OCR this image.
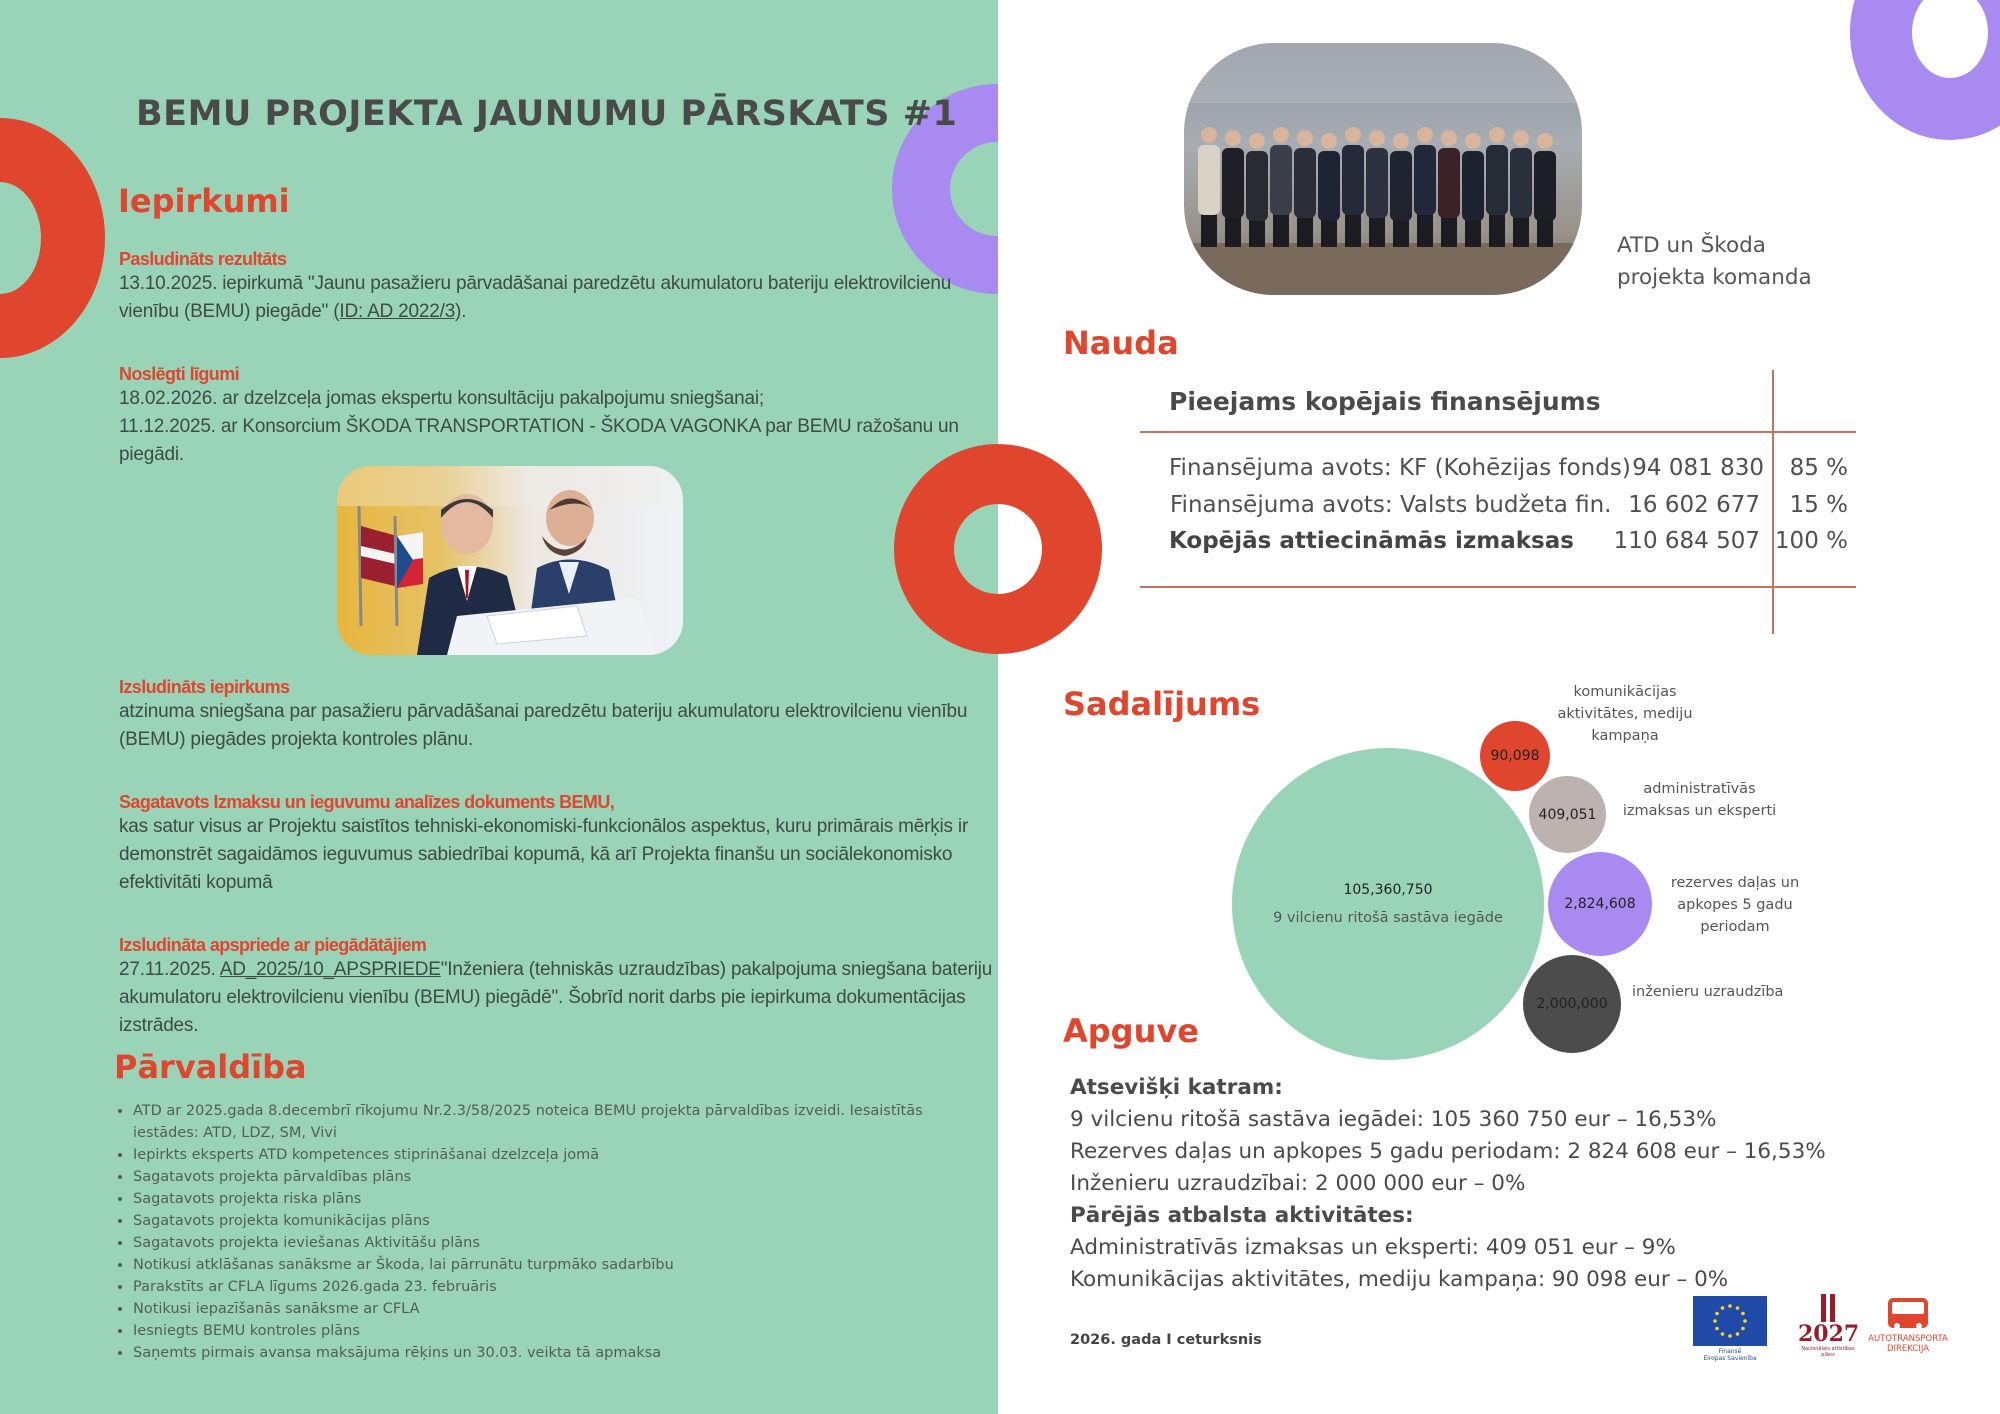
BEMU PROJEKTA JAUNUMU PĀRSKATS #1
Iepirkumi
Pasludināts rezultāts
13.10.2025. iepirkumā "Jaunu pasažieru pārvadāšanai paredzētu akumulatoru bateriju elektrovilcienu
vienību (BEMU) piegāde" (ID: AD 2022/3).
Noslēgti līgumi
18.02.2026. ar dzelzceļa jomas ekspertu konsultāciju pakalpojumu sniegšanai;
11.12.2025. ar Konsorcium ŠKODA TRANSPORTATION - ŠKODA VAGONKA par BEMU ražošanu un
piegādi.
Izsludināts iepirkums
atzinuma sniegšana par pasažieru pārvadāšanai paredzētu bateriju akumulatoru elektrovilcienu vienību
(BEMU) piegādes projekta kontroles plānu.
Sagatavots Izmaksu un ieguvumu analīzes dokuments BEMU,
kas satur visus ar Projektu saistītos tehniski-ekonomiski-funkcionālos aspektus, kuru primārais mērķis ir
demonstrēt sagaidāmos ieguvumus sabiedrībai kopumā, kā arī Projekta finanšu un sociālekonomisko
efektivitāti kopumā
Izsludināta apspriede ar piegādātājiem
27.11.2025. AD_2025/10_APSPRIEDE"Inženiera (tehniskās uzraudzības) pakalpojuma sniegšana bateriju
akumulatoru elektrovilcienu vienību (BEMU) piegādē". Šobrīd norit darbs pie iepirkuma dokumentācijas
izstrādes.
Pārvaldība
• ATD ar 2025.gada 8.decembrī rīkojumu Nr.2.3/58/2025 noteica BEMU projekta pārvaldības izveidi. Iesaistītās iestādes: ATD, LDZ, SM, Vivi
• Iepirkts eksperts ATD kompetences stiprināšanai dzelzceļa jomā
• Sagatavots projekta pārvaldības plāns
• Sagatavots projekta riska plāns
• Sagatavots projekta komunikācijas plāns
• Sagatavots projekta ieviešanas Aktivitāšu plāns
• Notikusi atklāšanas sanāksme ar Škoda, lai pārrunātu turpmāko sadarbību
• Parakstīts ar CFLA līgums 2026.gada 23. februāris
• Notikusi iepazīšanās sanāksme ar CFLA
• Iesniegts BEMU kontroles plāns
• Saņemts pirmais avansa maksājuma rēķins un 30.03. veikta tā apmaksa
ATD un Škoda
projekta komanda
Nauda
Pieejams kopējais finansējums
Finansējuma avots: KF (Kohēzijas fonds) 94 081 830	85 %
Finansējuma avots: Valsts budžeta fin. 16 602 677	15 %
Kopējās attiecināmās izmaksas	110 684 507 100 %
Sadalījums
105,360,750
9 vilcienu ritošā sastāva iegāde
90,098
409,051
2,824,608
2,000,000
komunikācijas aktivitātes, mediju kampaņa
administratīvās izmaksas un eksperti
rezerves daļas un apkopes 5 gadu periodam
inženieru uzraudzība
Apguve
Atsevišķi katram:
9 vilcienu ritošā sastāva iegādei: 105 360 750 eur – 16,53%
Rezerves daļas un apkopes 5 gadu periodam: 2 824 608 eur – 16,53%
Inženieru uzraudzībai: 2 000 000 eur – 0%
Pārējās atbalsta aktivitātes:
Administratīvās izmaksas un eksperti: 409 051 eur – 9%
Komunikācijas aktivitātes, mediju kampaņa: 90 098 eur – 0%
2026. gada I ceturksnis
Finansē
Eiropas Savienība
2027
Nacionālais attīstības plāns
AUTOTRANSPORTA
DIREKCIJA
